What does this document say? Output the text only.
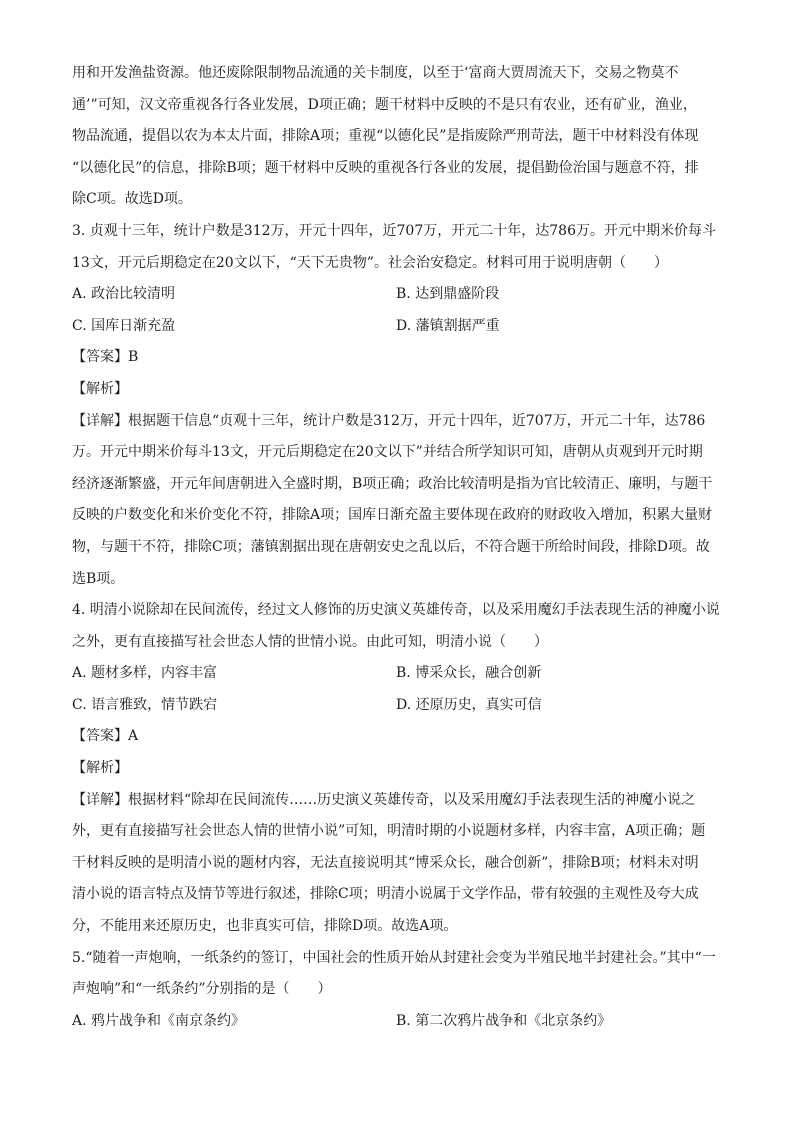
用和开发渔盐资源。他还废除限制物品流通的关卡制度，以至于‘富商大贾周流天下，交易之物莫不
通’”可知，汉文帝重视各行各业发展，D项正确；题干材料中反映的不是只有农业，还有矿业，渔业，
物品流通，提倡以农为本太片面，排除A项；重视“以德化民”是指废除严刑苛法，题干中材料没有体现
“以德化民”的信息，排除B项；题干材料中反映的重视各行各业的发展，提倡勤俭治国与题意不符，排
除C项。故选D项。
3. 贞观十三年，统计户数是312万，开元十四年，近707万，开元二十年，达786万。开元中期米价每斗
13文，开元后期稳定在20文以下，“天下无贵物”。社会治安稳定。材料可用于说明唐朝（　　）
A. 政治比较清明	B. 达到鼎盛阶段
C. 国库日渐充盈	D. 藩镇割据严重
【答案】B
【解析】
【详解】根据题干信息“贞观十三年，统计户数是312万，开元十四年，近707万，开元二十年，达786
万。开元中期米价每斗13文，开元后期稳定在20文以下”并结合所学知识可知，唐朝从贞观到开元时期
经济逐渐繁盛，开元年间唐朝进入全盛时期，B项正确；政治比较清明是指为官比较清正、廉明，与题干
反映的户数变化和米价变化不符，排除A项；国库日渐充盈主要体现在政府的财政收入增加，积累大量财
物，与题干不符，排除C项；藩镇割据出现在唐朝安史之乱以后，不符合题干所给时间段，排除D项。故
选B项。
4. 明清小说除却在民间流传，经过文人修饰的历史演义英雄传奇，以及采用魔幻手法表现生活的神魔小说
之外，更有直接描写社会世态人情的世情小说。由此可知，明清小说（　　）
A. 题材多样，内容丰富	B. 博采众长，融合创新
C. 语言雅致，情节跌宕	D. 还原历史，真实可信
【答案】A
【解析】
【详解】根据材料“除却在民间流传……历史演义英雄传奇，以及采用魔幻手法表现生活的神魔小说之
外，更有直接描写社会世态人情的世情小说”可知，明清时期的小说题材多样，内容丰富，A项正确；题
干材料反映的是明清小说的题材内容，无法直接说明其“博采众长，融合创新”，排除B项；材料未对明
清小说的语言特点及情节等进行叙述，排除C项；明清小说属于文学作品，带有较强的主观性及夸大成
分，不能用来还原历史，也非真实可信，排除D项。故选A项。
5.“随着一声炮响，一纸条约的签订，中国社会的性质开始从封建社会变为半殖民地半封建社会。”其中“一
声炮响”和“一纸条约”分别指的是（　　）
A. 鸦片战争和《南京条约》	B. 第二次鸦片战争和《北京条约》
